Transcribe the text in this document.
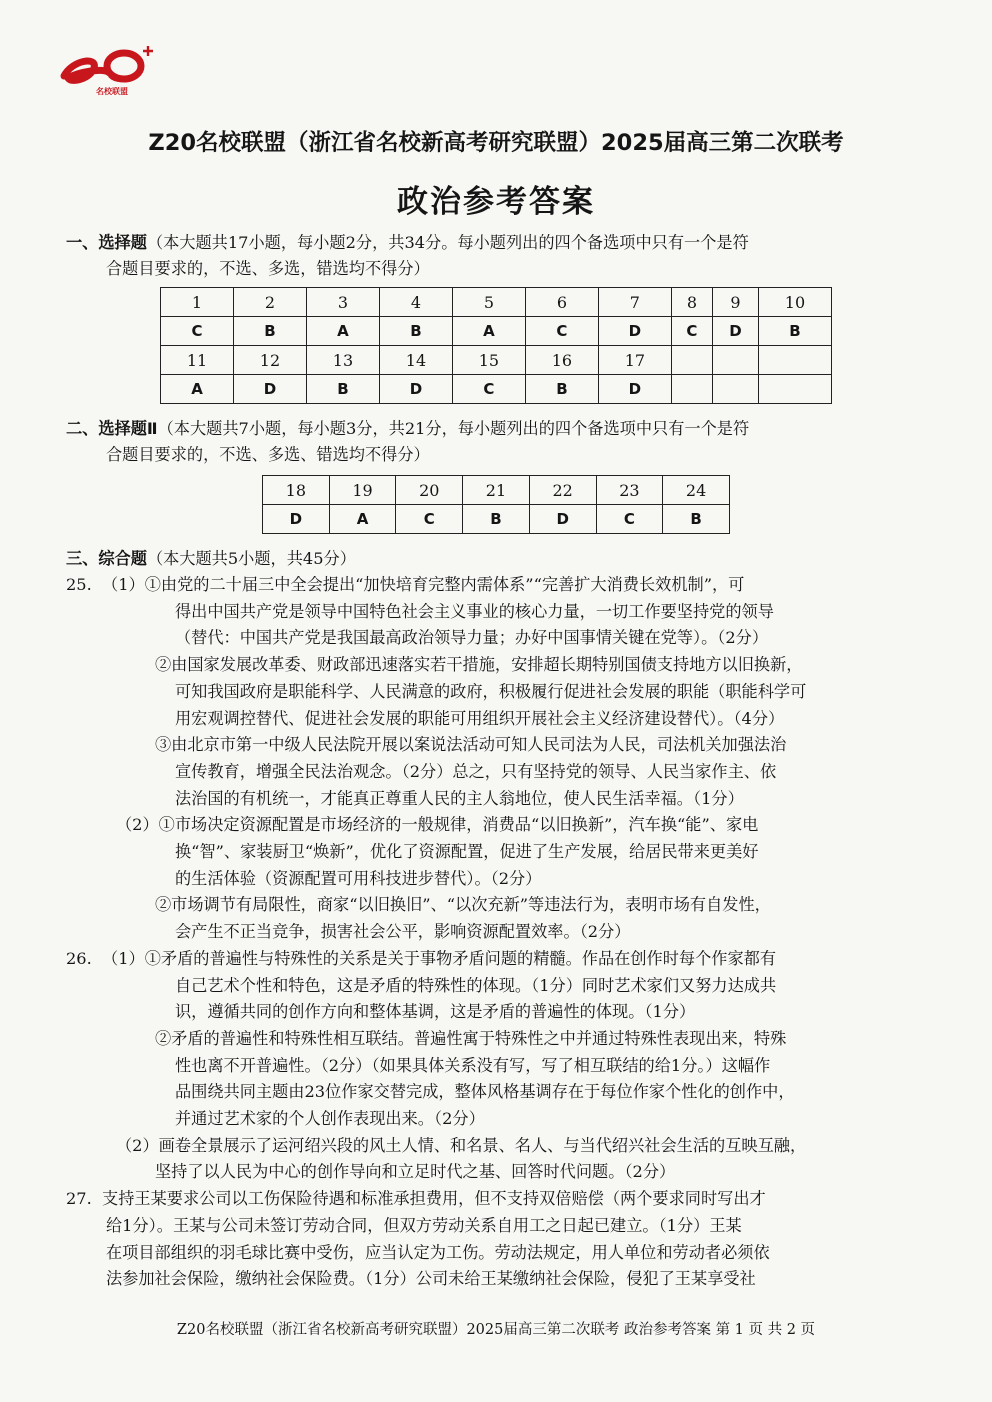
名校联盟
Z20名校联盟（浙江省名校新高考研究联盟）2025届高三第二次联考
政治参考答案
一、选择题（本大题共17小题，每小题2分，共34分。每小题列出的四个备选项中只有一个是符
合题目要求的，不选、多选，错选均不得分）
1	2	3	4	5	6	7	8	9	10
C	B	A	B	A	C	D	C	D	B
11	12	13	14	15	16	17			
A	D	B	D	C	B	D			
二、选择题Ⅱ（本大题共7小题，每小题3分，共21分，每小题列出的四个备选项中只有一个是符
合题目要求的，不选、多选、错选均不得分）
18	19	20	21	22	23	24
D	A	C	B	D	C	B
三、综合题（本大题共5小题，共45分）
25.  （1）①由党的二十届三中全会提出“加快培育完整内需体系”“完善扩大消费长效机制”，可
得出中国共产党是领导中国特色社会主义事业的核心力量，一切工作要坚持党的领导
（替代：中国共产党是我国最高政治领导力量；办好中国事情关键在党等）。（2分）
②由国家发展改革委、财政部迅速落实若干措施，安排超长期特别国债支持地方以旧换新，
可知我国政府是职能科学、人民满意的政府，积极履行促进社会发展的职能（职能科学可
用宏观调控替代、促进社会发展的职能可用组织开展社会主义经济建设替代）。（4分）
③由北京市第一中级人民法院开展以案说法活动可知人民司法为人民，司法机关加强法治
宣传教育，增强全民法治观念。（2分）总之，只有坚持党的领导、人民当家作主、依
法治国的有机统一，才能真正尊重人民的主人翁地位，使人民生活幸福。（1分）
（2）①市场决定资源配置是市场经济的一般规律，消费品“以旧换新”，汽车换“能”、家电
换“智”、家装厨卫“焕新”，优化了资源配置，促进了生产发展，给居民带来更美好
的生活体验（资源配置可用科技进步替代）。（2分）
②市场调节有局限性，商家“以旧换旧”、“以次充新”等违法行为，表明市场有自发性，
会产生不正当竞争，损害社会公平，影响资源配置效率。（2分）
26.  （1）①矛盾的普遍性与特殊性的关系是关于事物矛盾问题的精髓。作品在创作时每个作家都有
自己艺术个性和特色，这是矛盾的特殊性的体现。（1分）同时艺术家们又努力达成共
识，遵循共同的创作方向和整体基调，这是矛盾的普遍性的体现。（1分）
②矛盾的普遍性和特殊性相互联结。普遍性寓于特殊性之中并通过特殊性表现出来，特殊
性也离不开普遍性。（2分）（如果具体关系没有写，写了相互联结的给1分。）这幅作
品围绕共同主题由23位作家交替完成，整体风格基调存在于每位作家个性化的创作中，
并通过艺术家的个人创作表现出来。（2分）
（2）画卷全景展示了运河绍兴段的风土人情、和名景、名人、与当代绍兴社会生活的互映互融，
坚持了以人民为中心的创作导向和立足时代之基、回答时代问题。（2分）
27.  支持王某要求公司以工伤保险待遇和标准承担费用，但不支持双倍赔偿（两个要求同时写出才
给1分）。王某与公司未签订劳动合同，但双方劳动关系自用工之日起已建立。（1分）王某
在项目部组织的羽毛球比赛中受伤，应当认定为工伤。劳动法规定，用人单位和劳动者必须依
法参加社会保险，缴纳社会保险费。（1分）公司未给王某缴纳社会保险，侵犯了王某享受社
Z20名校联盟（浙江省名校新高考研究联盟）2025届高三第二次联考 政治参考答案 第 1 页 共 2 页
